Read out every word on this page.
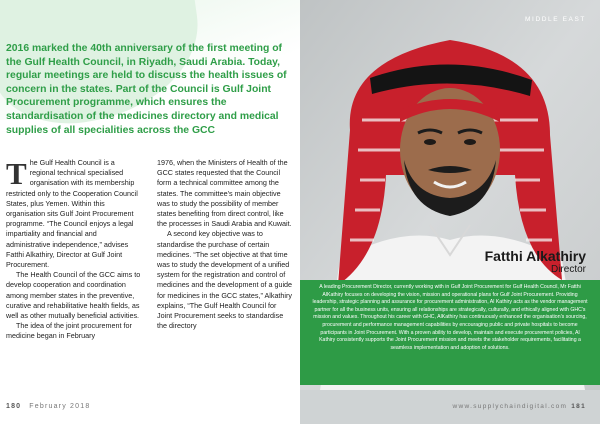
2016 marked the 40th anniversary of the first meeting of the Gulf Health Council, in Riyadh, Saudi Arabia. Today, regular meetings are held to discuss the health issues of concern in the states. Part of the Council is Gulf Joint Procurement programme, which ensures the standardisation of the medicines directory and medical supplies of all specialities across the GCC

The Gulf Health Council is a regional technical specialised organisation with its membership restricted only to the Cooperation Council States, plus Yemen. Within this organisation sits Gulf Joint Procurement programme. “The Council enjoys a legal impartiality and financial and administrative independence,” advises Fatthi Alkathiry, Director at Gulf Joint Procurement.

The Health Council of the GCC aims to develop cooperation and coordination among member states in the preventive, curative and rehabilitative health fields, as well as other mutually beneficial activities.

The idea of the joint procurement for medicine began in February

1976, when the Ministers of Health of the GCC states requested that the Council form a technical committee among the states. The committee’s main objective was to study the possibility of member states benefiting from direct control, like the processes in Saudi Arabia and Kuwait.

A second key objective was to standardise the purchase of certain medicines. “The set objective at that time was to study the development of a unified system for the registration and control of medicines and the development of a guide for medicines in the GCC states,” Alkathiry explains, “The Gulf Health Council for Joint Procurement seeks to standardise the directory

180 February 2018
MIDDLE EAST
Fatthi Alkathiry
Director

A leading Procurement Director, currently working with in Gulf Joint Procurement for Gulf Health Council, Mr Fatthi AlKathiry focuses on developing the vision, mission and operational plans for Gulf Joint Procurement. Providing leadership, strategic planning and assurance for procurement administration, Al Kathiry acts as the vendor management partner for all the business units, ensuring all relationships are strategically, culturally, and ethically aligned with GHC’s mission and values. Throughout his career with GHC, AlKathiry has continuously enhanced the organisation’s sourcing, procurement and performance management capabilities by encouraging public and private hospitals to become participants in Joint Procurement. With a proven ability to develop, maintain and execute procurement policies, Al Kathiry consistently supports the Joint Procurement mission and meets the stakeholder requirements, facilitating a seamless implementation and adoption of solutions.

www.supplychaindigital.com 181
